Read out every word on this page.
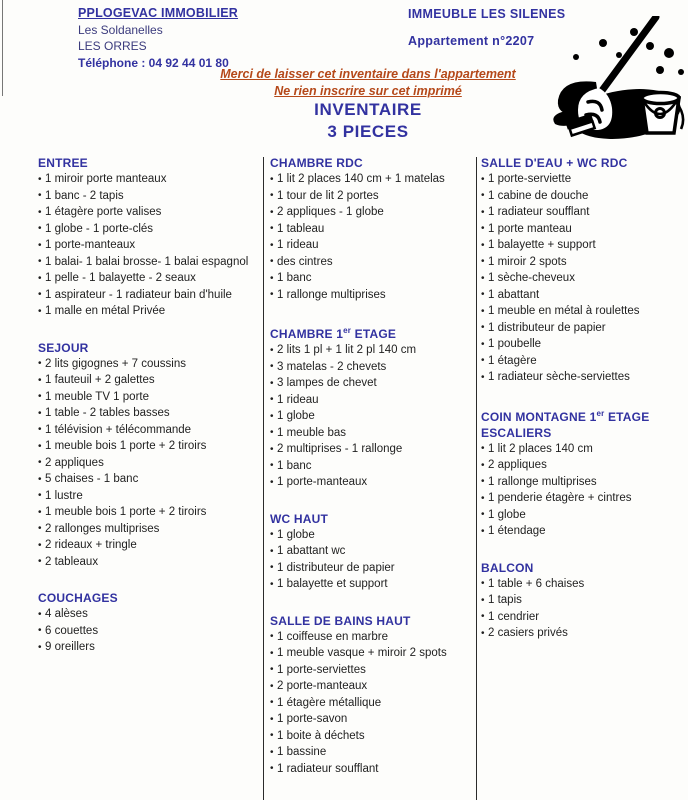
PPLOGEVAC IMMOBILIER
Les Soldanelles
LES ORRES
Téléphone : 04 92 44 01 80
IMMEUBLE LES SILENES
Appartement n°2207
Merci de laisser cet inventaire dans l'appartement
Ne rien inscrire sur cet imprimé
INVENTAIRE
3 PIECES
ENTREE
• 1 miroir porte manteaux
• 1 banc - 2 tapis
• 1 étagère porte valises
• 1 globe - 1 porte-clés
• 1 porte-manteaux
• 1 balai- 1 balai brosse- 1 balai espagnol
• 1 pelle - 1 balayette - 2 seaux
• 1 aspirateur - 1 radiateur bain d'huile
• 1 malle en métal Privée
SEJOUR
• 2 lits gigognes + 7 coussins
• 1 fauteuil + 2 galettes
• 1 meuble TV 1 porte
• 1 table - 2 tables basses
• 1 télévision + télécommande
• 1 meuble bois 1 porte + 2 tiroirs
• 2 appliques
• 5 chaises - 1 banc
• 1 lustre
• 1 meuble bois 1 porte + 2 tiroirs
• 2 rallonges multiprises
• 2 rideaux + tringle
• 2 tableaux
COUCHAGES
• 4 alèses
• 6 couettes
• 9 oreillers
CHAMBRE RDC
• 1 lit 2 places 140 cm + 1 matelas
• 1 tour de lit 2 portes
• 2 appliques - 1 globe
• 1 tableau
• 1 rideau
• des cintres
• 1 banc
• 1 rallonge multiprises
CHAMBRE 1er ETAGE
• 2 lits 1 pl + 1 lit 2 pl 140 cm
• 3 matelas - 2 chevets
• 3 lampes de chevet
• 1 rideau
• 1 globe
• 1 meuble bas
• 2 multiprises - 1 rallonge
• 1 banc
• 1 porte-manteaux
WC HAUT
• 1 globe
• 1 abattant wc
• 1 distributeur de papier
• 1 balayette et support
SALLE DE BAINS HAUT
• 1 coiffeuse en marbre
• 1 meuble vasque + miroir 2 spots
• 1 porte-serviettes
• 2 porte-manteaux
• 1 étagère métallique
• 1 porte-savon
• 1 boite à déchets
• 1 bassine
• 1 radiateur soufflant
SALLE D'EAU + WC RDC
• 1 porte-serviette
• 1 cabine de douche
• 1 radiateur soufflant
• 1 porte manteau
• 1 balayette + support
• 1 miroir 2 spots
• 1 sèche-cheveux
• 1 abattant
• 1 meuble en métal à roulettes
• 1 distributeur de papier
• 1 poubelle
• 1 étagère
• 1 radiateur sèche-serviettes
COIN MONTAGNE 1er ETAGE
ESCALIERS
• 1 lit 2 places 140 cm
• 2 appliques
• 1 rallonge multiprises
• 1 penderie étagère + cintres
• 1 globe
• 1 étendage
BALCON
• 1 table + 6 chaises
• 1 tapis
• 1 cendrier
• 2 casiers privés
